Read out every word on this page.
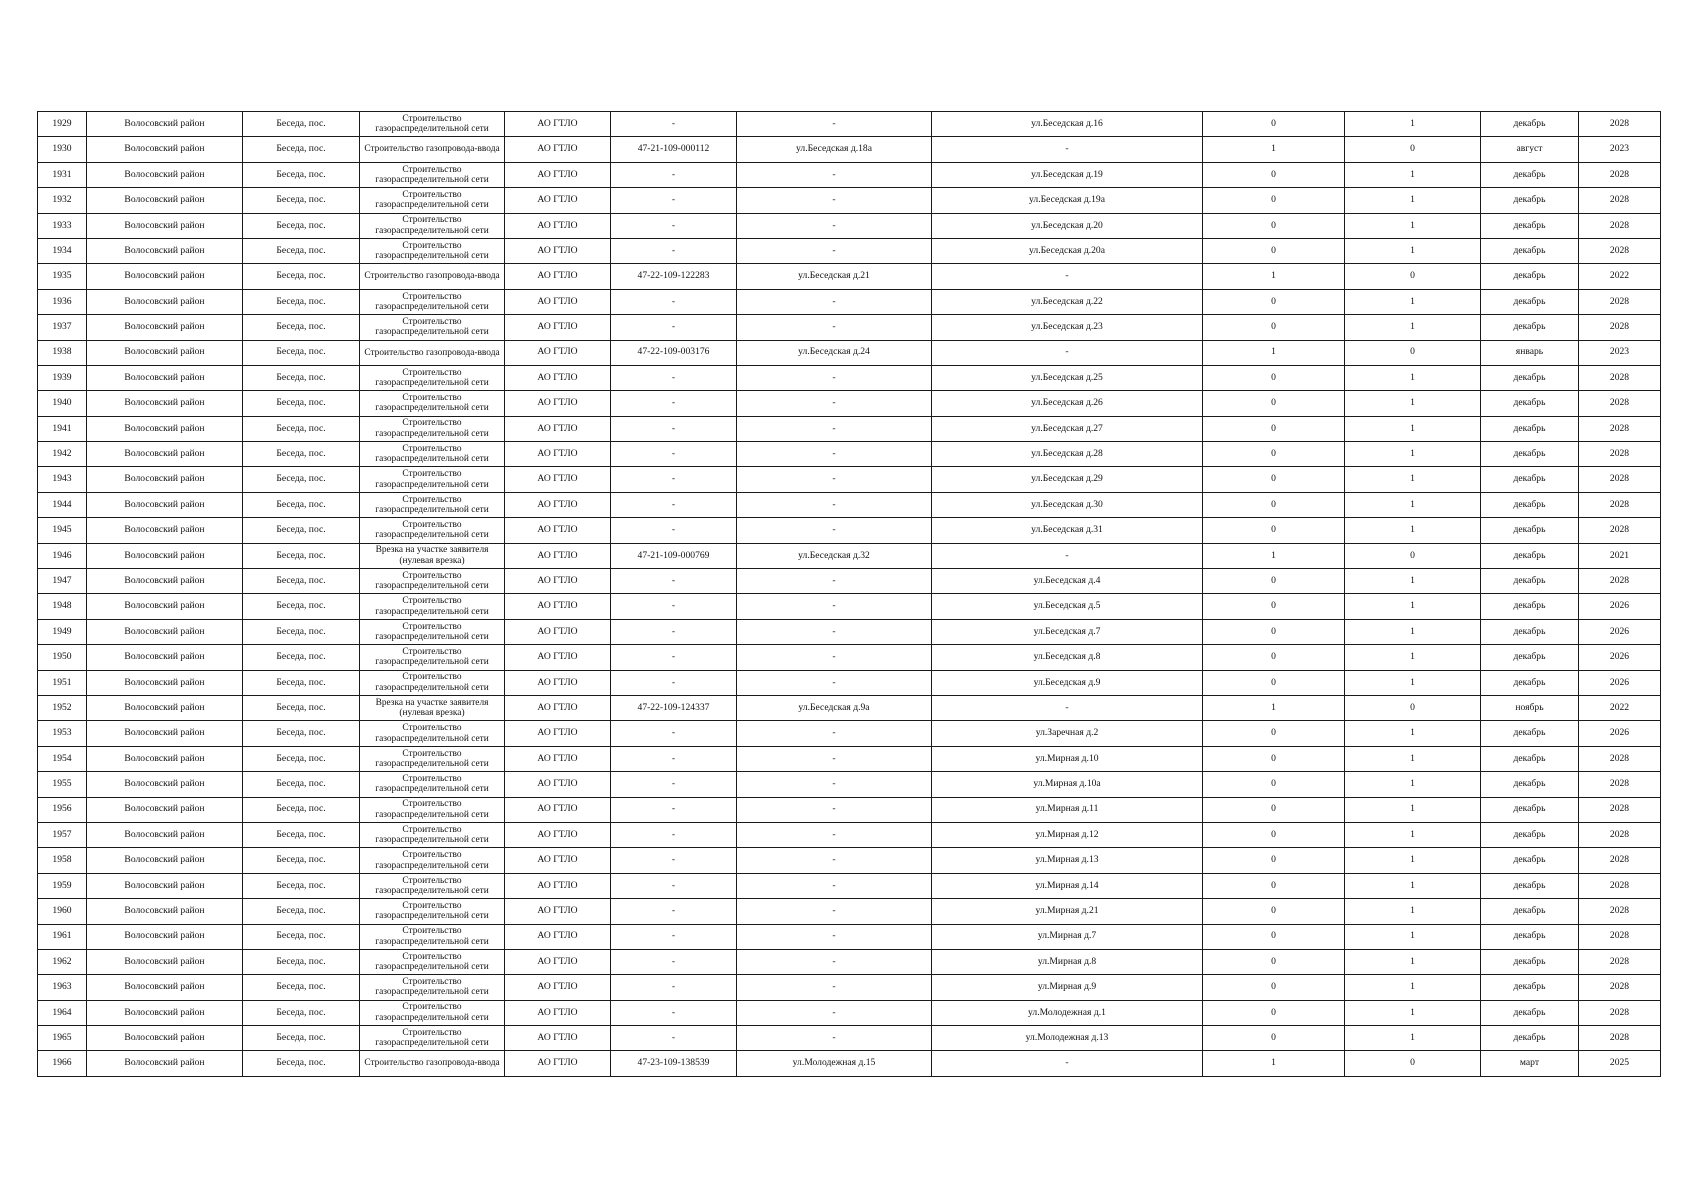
1929	Волосовский район	Беседа, пос.	Строительство газораспределительной сети	АО ГТЛО	-	-	ул.Беседская д.16	0	1	декабрь	2028
1930	Волосовский район	Беседа, пос.	Строительство газопровода-ввода	АО ГТЛО	47-21-109-000112	ул.Беседская д.18а	-	1	0	август	2023
1931	Волосовский район	Беседа, пос.	Строительство газораспределительной сети	АО ГТЛО	-	-	ул.Беседская д.19	0	1	декабрь	2028
1932	Волосовский район	Беседа, пос.	Строительство газораспределительной сети	АО ГТЛО	-	-	ул.Беседская д.19а	0	1	декабрь	2028
1933	Волосовский район	Беседа, пос.	Строительство газораспределительной сети	АО ГТЛО	-	-	ул.Беседская д.20	0	1	декабрь	2028
1934	Волосовский район	Беседа, пос.	Строительство газораспределительной сети	АО ГТЛО	-	-	ул.Беседская д.20а	0	1	декабрь	2028
1935	Волосовский район	Беседа, пос.	Строительство газопровода-ввода	АО ГТЛО	47-22-109-122283	ул.Беседская д.21	-	1	0	декабрь	2022
1936	Волосовский район	Беседа, пос.	Строительство газораспределительной сети	АО ГТЛО	-	-	ул.Беседская д.22	0	1	декабрь	2028
1937	Волосовский район	Беседа, пос.	Строительство газораспределительной сети	АО ГТЛО	-	-	ул.Беседская д.23	0	1	декабрь	2028
1938	Волосовский район	Беседа, пос.	Строительство газопровода-ввода	АО ГТЛО	47-22-109-003176	ул.Беседская д.24	-	1	0	январь	2023
1939	Волосовский район	Беседа, пос.	Строительство газораспределительной сети	АО ГТЛО	-	-	ул.Беседская д.25	0	1	декабрь	2028
1940	Волосовский район	Беседа, пос.	Строительство газораспределительной сети	АО ГТЛО	-	-	ул.Беседская д.26	0	1	декабрь	2028
1941	Волосовский район	Беседа, пос.	Строительство газораспределительной сети	АО ГТЛО	-	-	ул.Беседская д.27	0	1	декабрь	2028
1942	Волосовский район	Беседа, пос.	Строительство газораспределительной сети	АО ГТЛО	-	-	ул.Беседская д.28	0	1	декабрь	2028
1943	Волосовский район	Беседа, пос.	Строительство газораспределительной сети	АО ГТЛО	-	-	ул.Беседская д.29	0	1	декабрь	2028
1944	Волосовский район	Беседа, пос.	Строительство газораспределительной сети	АО ГТЛО	-	-	ул.Беседская д.30	0	1	декабрь	2028
1945	Волосовский район	Беседа, пос.	Строительство газораспределительной сети	АО ГТЛО	-	-	ул.Беседская д.31	0	1	декабрь	2028
1946	Волосовский район	Беседа, пос.	Врезка на участке заявителя (нулевая врезка)	АО ГТЛО	47-21-109-000769	ул.Беседская д.32	-	1	0	декабрь	2021
1947	Волосовский район	Беседа, пос.	Строительство газораспределительной сети	АО ГТЛО	-	-	ул.Беседская д.4	0	1	декабрь	2028
1948	Волосовский район	Беседа, пос.	Строительство газораспределительной сети	АО ГТЛО	-	-	ул.Беседская д.5	0	1	декабрь	2026
1949	Волосовский район	Беседа, пос.	Строительство газораспределительной сети	АО ГТЛО	-	-	ул.Беседская д.7	0	1	декабрь	2026
1950	Волосовский район	Беседа, пос.	Строительство газораспределительной сети	АО ГТЛО	-	-	ул.Беседская д.8	0	1	декабрь	2026
1951	Волосовский район	Беседа, пос.	Строительство газораспределительной сети	АО ГТЛО	-	-	ул.Беседская д.9	0	1	декабрь	2026
1952	Волосовский район	Беседа, пос.	Врезка на участке заявителя (нулевая врезка)	АО ГТЛО	47-22-109-124337	ул.Беседская д.9а	-	1	0	ноябрь	2022
1953	Волосовский район	Беседа, пос.	Строительство газораспределительной сети	АО ГТЛО	-	-	ул.Заречная д.2	0	1	декабрь	2026
1954	Волосовский район	Беседа, пос.	Строительство газораспределительной сети	АО ГТЛО	-	-	ул.Мирная д.10	0	1	декабрь	2028
1955	Волосовский район	Беседа, пос.	Строительство газораспределительной сети	АО ГТЛО	-	-	ул.Мирная д.10а	0	1	декабрь	2028
1956	Волосовский район	Беседа, пос.	Строительство газораспределительной сети	АО ГТЛО	-	-	ул.Мирная д.11	0	1	декабрь	2028
1957	Волосовский район	Беседа, пос.	Строительство газораспределительной сети	АО ГТЛО	-	-	ул.Мирная д.12	0	1	декабрь	2028
1958	Волосовский район	Беседа, пос.	Строительство газораспределительной сети	АО ГТЛО	-	-	ул.Мирная д.13	0	1	декабрь	2028
1959	Волосовский район	Беседа, пос.	Строительство газораспределительной сети	АО ГТЛО	-	-	ул.Мирная д.14	0	1	декабрь	2028
1960	Волосовский район	Беседа, пос.	Строительство газораспределительной сети	АО ГТЛО	-	-	ул.Мирная д.21	0	1	декабрь	2028
1961	Волосовский район	Беседа, пос.	Строительство газораспределительной сети	АО ГТЛО	-	-	ул.Мирная д.7	0	1	декабрь	2028
1962	Волосовский район	Беседа, пос.	Строительство газораспределительной сети	АО ГТЛО	-	-	ул.Мирная д.8	0	1	декабрь	2028
1963	Волосовский район	Беседа, пос.	Строительство газораспределительной сети	АО ГТЛО	-	-	ул.Мирная д.9	0	1	декабрь	2028
1964	Волосовский район	Беседа, пос.	Строительство газораспределительной сети	АО ГТЛО	-	-	ул.Молодежная д.1	0	1	декабрь	2028
1965	Волосовский район	Беседа, пос.	Строительство газораспределительной сети	АО ГТЛО	-	-	ул.Молодежная д.13	0	1	декабрь	2028
1966	Волосовский район	Беседа, пос.	Строительство газопровода-ввода	АО ГТЛО	47-23-109-138539	ул.Молодежная д.15	-	1	0	март	2025
